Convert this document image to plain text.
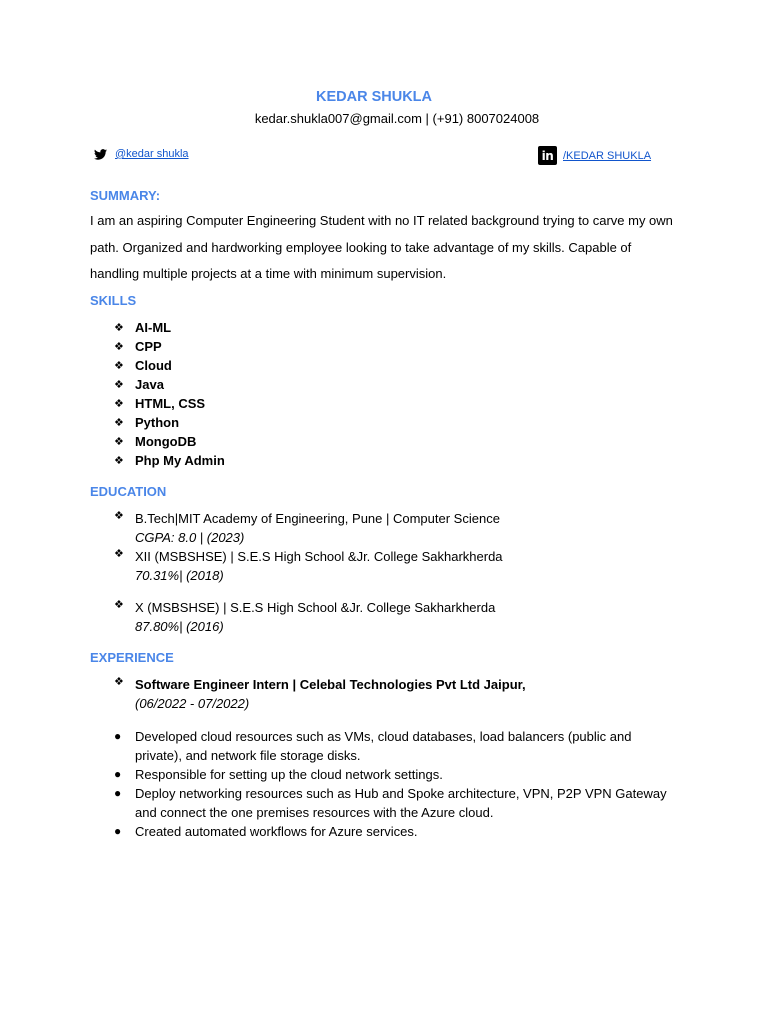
KEDAR SHUKLA
kedar.shukla007@gmail.com | (+91) 8007024008
@kedar shukla	in /KEDAR SHUKLA
SUMMARY:
I am an aspiring Computer Engineering Student with no IT related background trying to carve my own path. Organized and hardworking employee looking to take advantage of my skills. Capable of handling multiple projects at a time with minimum supervision.
SKILLS
❖ AI-ML
❖ CPP
❖ Cloud
❖ Java
❖ HTML, CSS
❖ Python
❖ MongoDB
❖ Php My Admin
EDUCATION
❖ B.Tech|MIT Academy of Engineering, Pune | Computer Science
CGPA: 8.0 | (2023)
❖ XII (MSBSHSE) | S.E.S High School &Jr. College Sakharkherda
70.31%| (2018)
❖ X (MSBSHSE) | S.E.S High School &Jr. College Sakharkherda
87.80%| (2016)
EXPERIENCE
❖ Software Engineer Intern | Celebal Technologies Pvt Ltd Jaipur,
(06/2022 - 07/2022)
● Developed cloud resources such as VMs, cloud databases, load balancers (public and private), and network file storage disks.
● Responsible for setting up the cloud network settings.
● Deploy networking resources such as Hub and Spoke architecture, VPN, P2P VPN Gateway and connect the one premises resources with the Azure cloud.
● Created automated workflows for Azure services.
